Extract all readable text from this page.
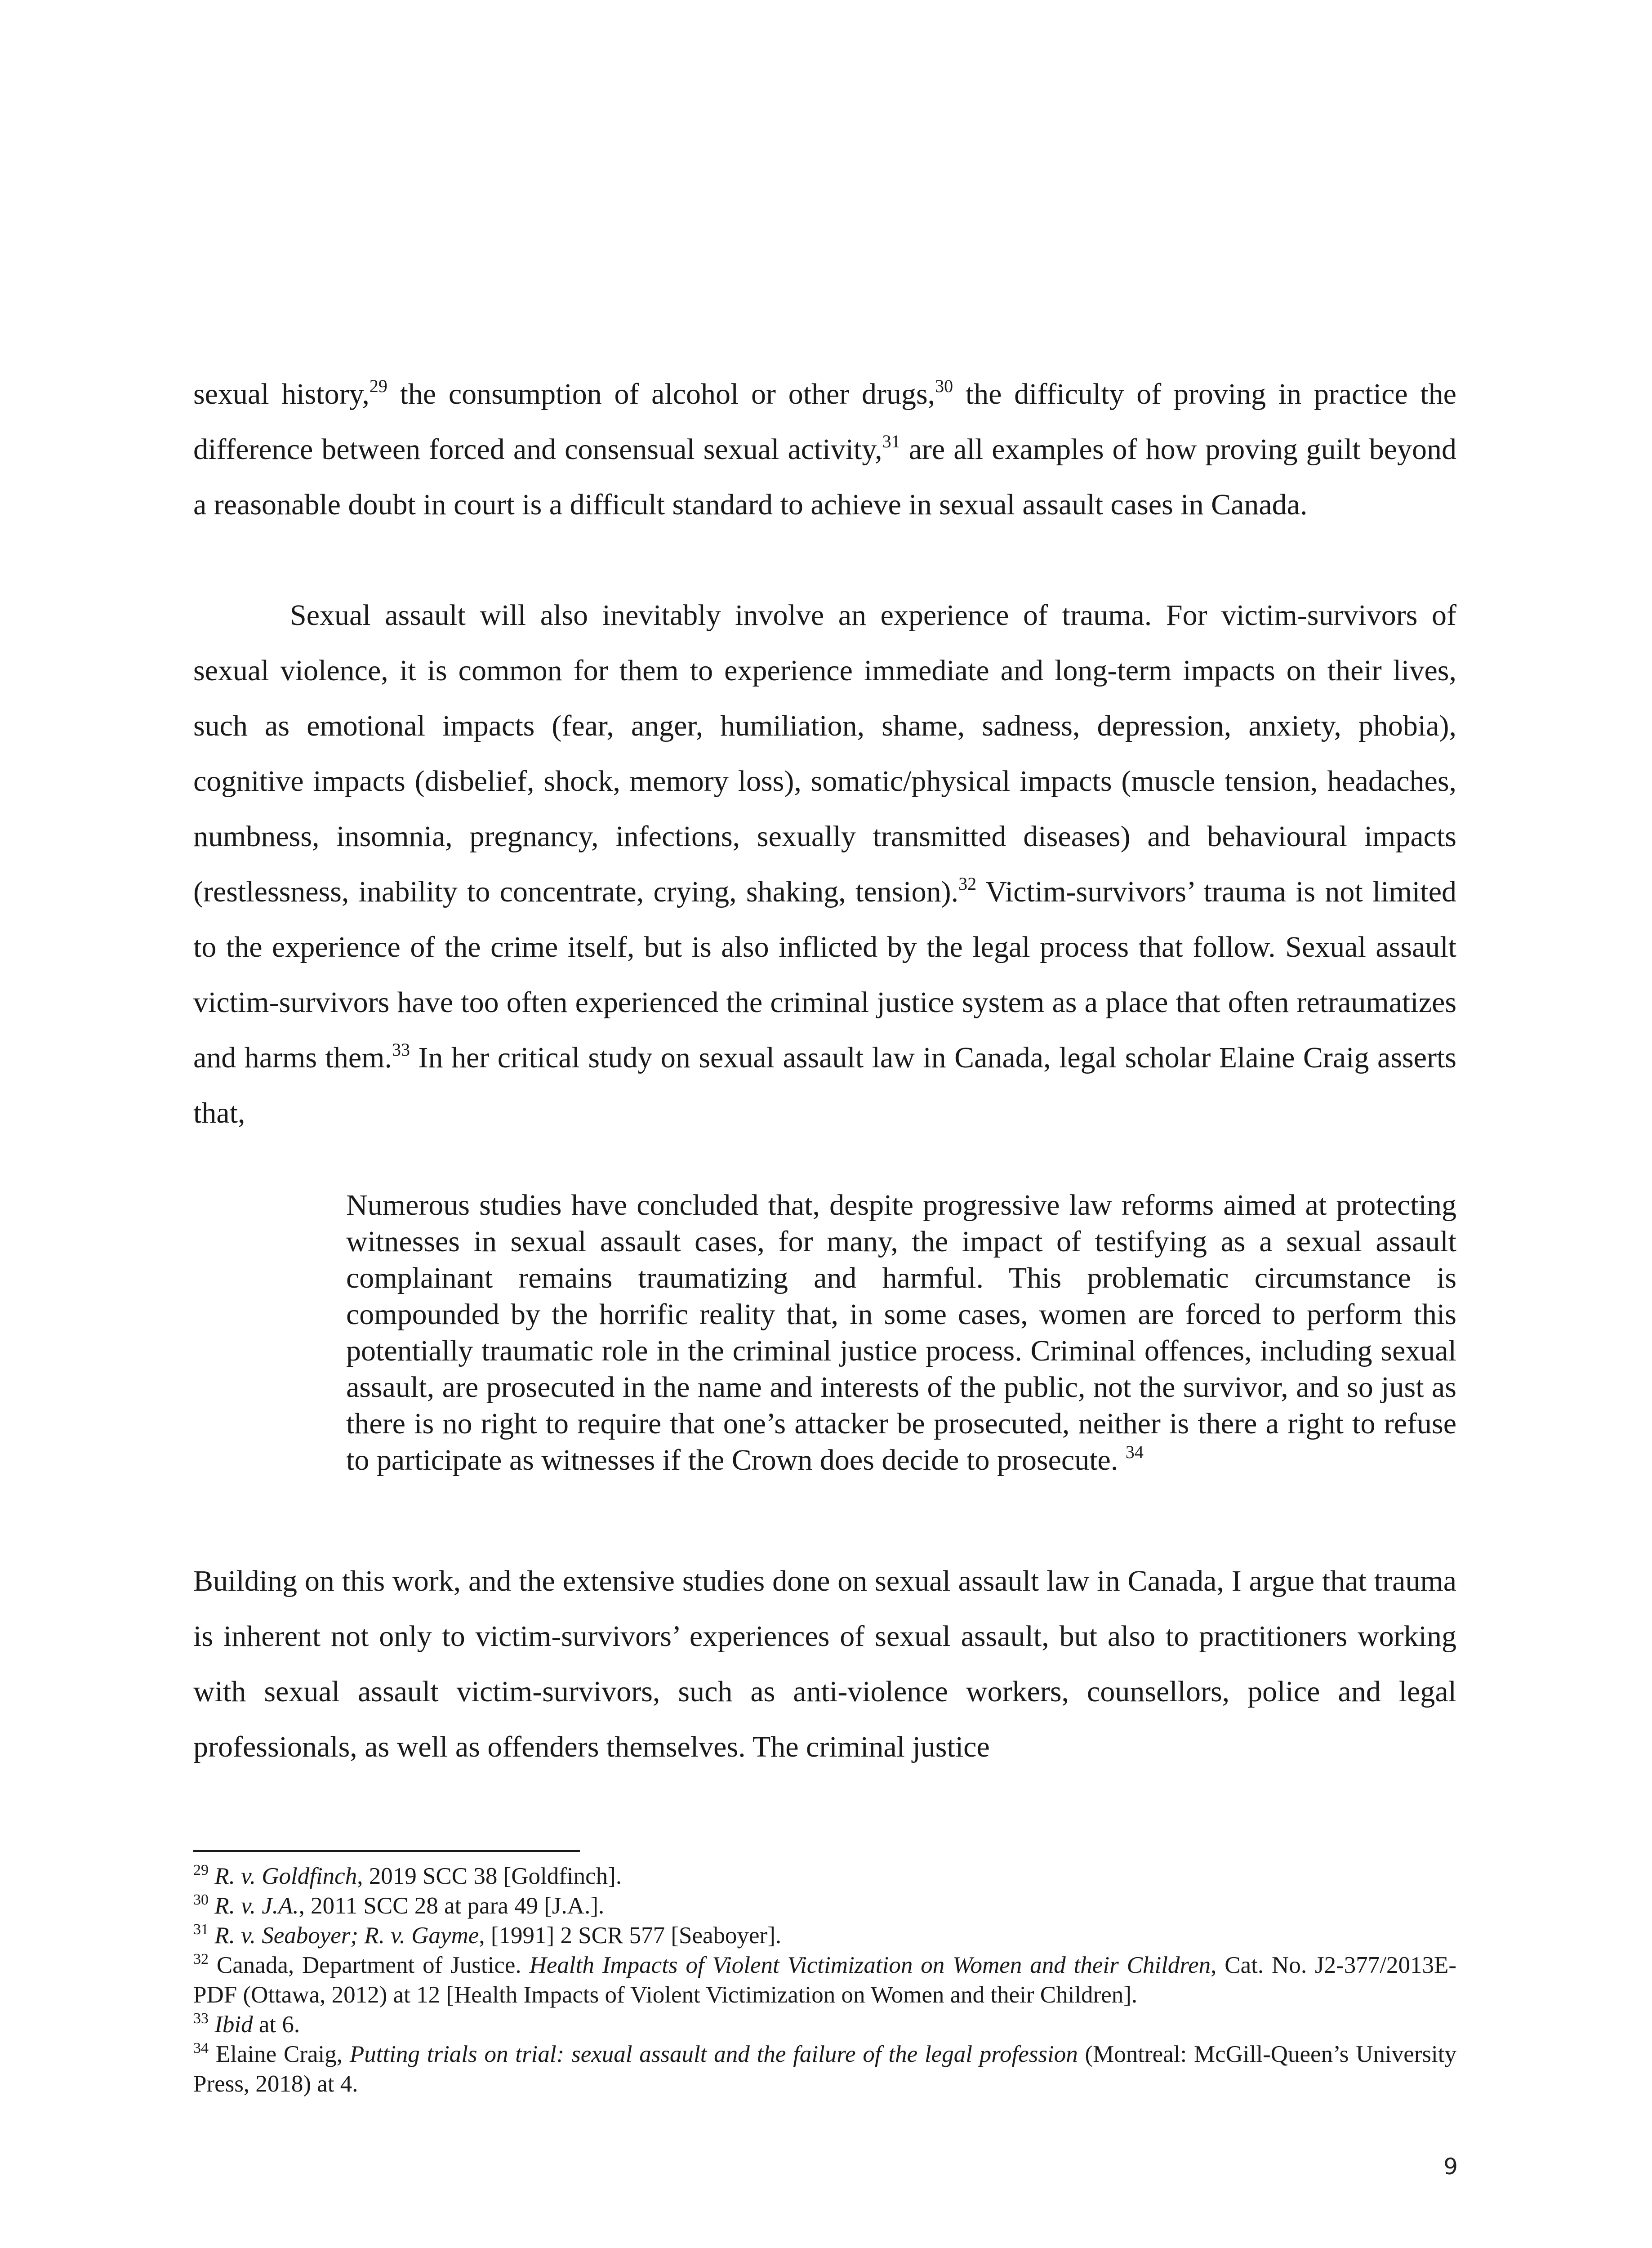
sexual history,$^{29}$ the consumption of alcohol or other drugs,$^{30}$ the difficulty of proving in practice the difference between forced and consensual sexual activity,$^{31}$ are all examples of how proving guilt beyond a reasonable doubt in court is a difficult standard to achieve in sexual assault cases in Canada.

Sexual assault will also inevitably involve an experience of trauma. For victim-survivors of sexual violence, it is common for them to experience immediate and long-term impacts on their lives, such as emotional impacts (fear, anger, humiliation, shame, sadness, depression, anxiety, phobia), cognitive impacts (disbelief, shock, memory loss), somatic/physical impacts (muscle tension, headaches, numbness, insomnia, pregnancy, infections, sexually transmitted diseases) and behavioural impacts (restlessness, inability to concentrate, crying, shaking, tension).$^{32}$ Victim-survivors’ trauma is not limited to the experience of the crime itself, but is also inflicted by the legal process that follow. Sexual assault victim-survivors have too often experienced the criminal justice system as a place that often retraumatizes and harms them.$^{33}$ In her critical study on sexual assault law in Canada, legal scholar Elaine Craig asserts that,

Numerous studies have concluded that, despite progressive law reforms aimed at protecting witnesses in sexual assault cases, for many, the impact of testifying as a sexual assault complainant remains traumatizing and harmful. This problematic circumstance is compounded by the horrific reality that, in some cases, women are forced to perform this potentially traumatic role in the criminal justice process. Criminal offences, including sexual assault, are prosecuted in the name and interests of the public, not the survivor, and so just as there is no right to require that one’s attacker be prosecuted, neither is there a right to refuse to participate as witnesses if the Crown does decide to prosecute. $^{34}$

Building on this work, and the extensive studies done on sexual assault law in Canada, I argue that trauma is inherent not only to victim-survivors’ experiences of sexual assault, but also to practitioners working with sexual assault victim-survivors, such as anti-violence workers, counsellors, police and legal professionals, as well as offenders themselves. The criminal justice

$^{29}$ R. v. Goldfinch, 2019 SCC 38 [Goldfinch].

$^{30}$ R. v. J.A., 2011 SCC 28 at para 49 [J.A.].

$^{31}$ R. v. Seaboyer; R. v. Gayme, [1991] 2 SCR 577 [Seaboyer].

$^{32}$ Canada, Department of Justice. Health Impacts of Violent Victimization on Women and their Children, Cat. No. J2-377/2013E-PDF (Ottawa, 2012) at 12 [Health Impacts of Violent Victimization on Women and their Children].

$^{33}$ Ibid at 6.

$^{34}$ Elaine Craig, Putting trials on trial: sexual assault and the failure of the legal profession (Montreal: McGill-Queen’s University Press, 2018) at 4.

9
